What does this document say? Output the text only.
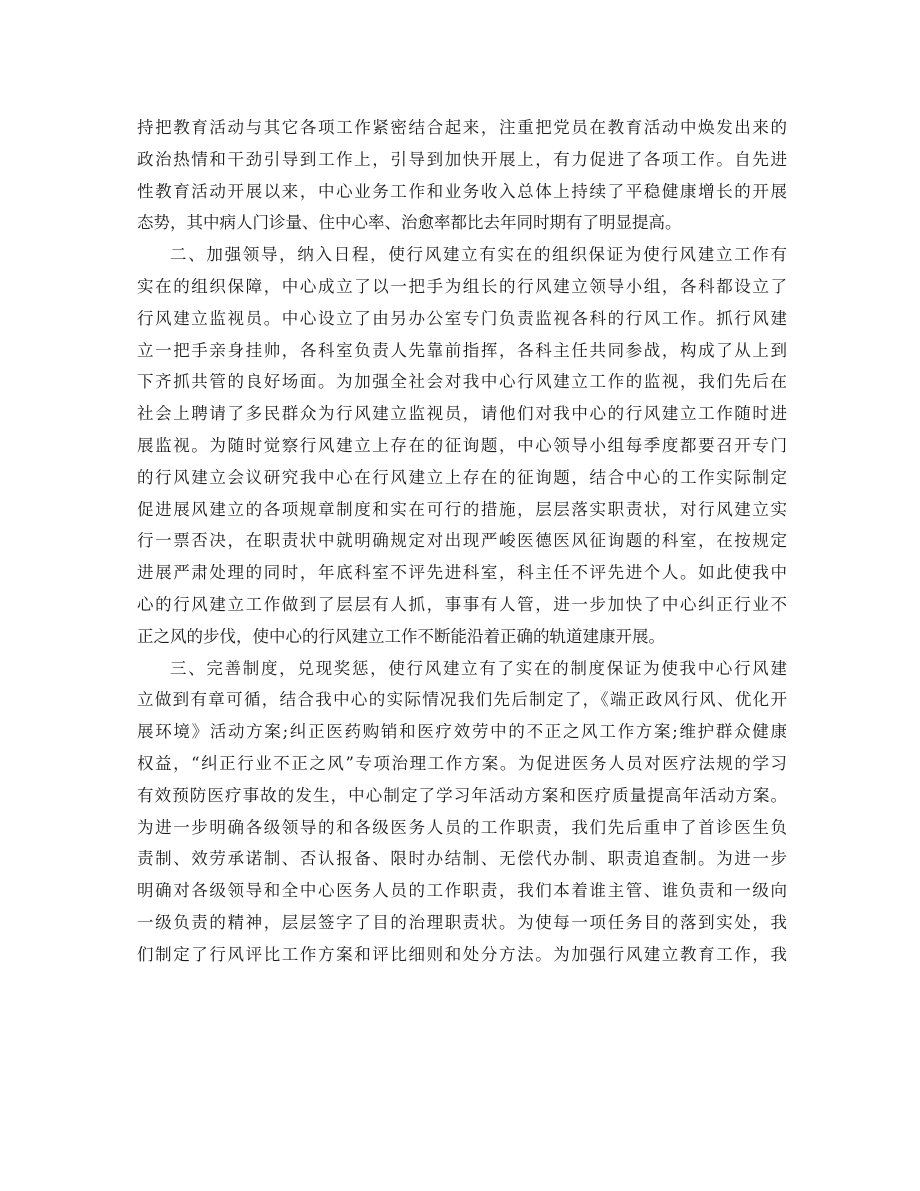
持把教育活动与其它各项工作紧密结合起来，注重把党员在教育活动中焕发出来的
政治热情和干劲引导到工作上，引导到加快开展上，有力促进了各项工作。自先进
性教育活动开展以来，中心业务工作和业务收入总体上持续了平稳健康增长的开展
态势，其中病人门诊量、住中心率、治愈率都比去年同时期有了明显提高。
二、加强领导，纳入日程，使行风建立有实在的组织保证为使行风建立工作有
实在的组织保障，中心成立了以一把手为组长的行风建立领导小组，各科都设立了
行风建立监视员。中心设立了由另办公室专门负责监视各科的行风工作。抓行风建
立一把手亲身挂帅，各科室负责人先靠前指挥，各科主任共同参战，构成了从上到
下齐抓共管的良好场面。为加强全社会对我中心行风建立工作的监视，我们先后在
社会上聘请了多民群众为行风建立监视员，请他们对我中心的行风建立工作随时进
展监视。为随时觉察行风建立上存在的征询题，中心领导小组每季度都要召开专门
的行风建立会议研究我中心在行风建立上存在的征询题，结合中心的工作实际制定
促进展风建立的各项规章制度和实在可行的措施，层层落实职责状，对行风建立实
行一票否决，在职责状中就明确规定对出现严峻医德医风征询题的科室，在按规定
进展严肃处理的同时，年底科室不评先进科室，科主任不评先进个人。如此使我中
心的行风建立工作做到了层层有人抓，事事有人管，进一步加快了中心纠正行业不
正之风的步伐，使中心的行风建立工作不断能沿着正确的轨道建康开展。
三、完善制度，兑现奖惩，使行风建立有了实在的制度保证为使我中心行风建
立做到有章可循，结合我中心的实际情况我们先后制定了，《端正政风行风、优化开
展环境》活动方案;纠正医药购销和医疗效劳中的不正之风工作方案;维护群众健康
权益，“纠正行业不正之风”专项治理工作方案。为促进医务人员对医疗法规的学习
有效预防医疗事故的发生，中心制定了学习年活动方案和医疗质量提高年活动方案。
为进一步明确各级领导的和各级医务人员的工作职责，我们先后重申了首诊医生负
责制、效劳承诺制、否认报备、限时办结制、无偿代办制、职责追查制。为进一步
明确对各级领导和全中心医务人员的工作职责，我们本着谁主管、谁负责和一级向
一级负责的精神，层层签字了目的治理职责状。为使每一项任务目的落到实处，我
们制定了行风评比工作方案和评比细则和处分方法。为加强行风建立教育工作，我
